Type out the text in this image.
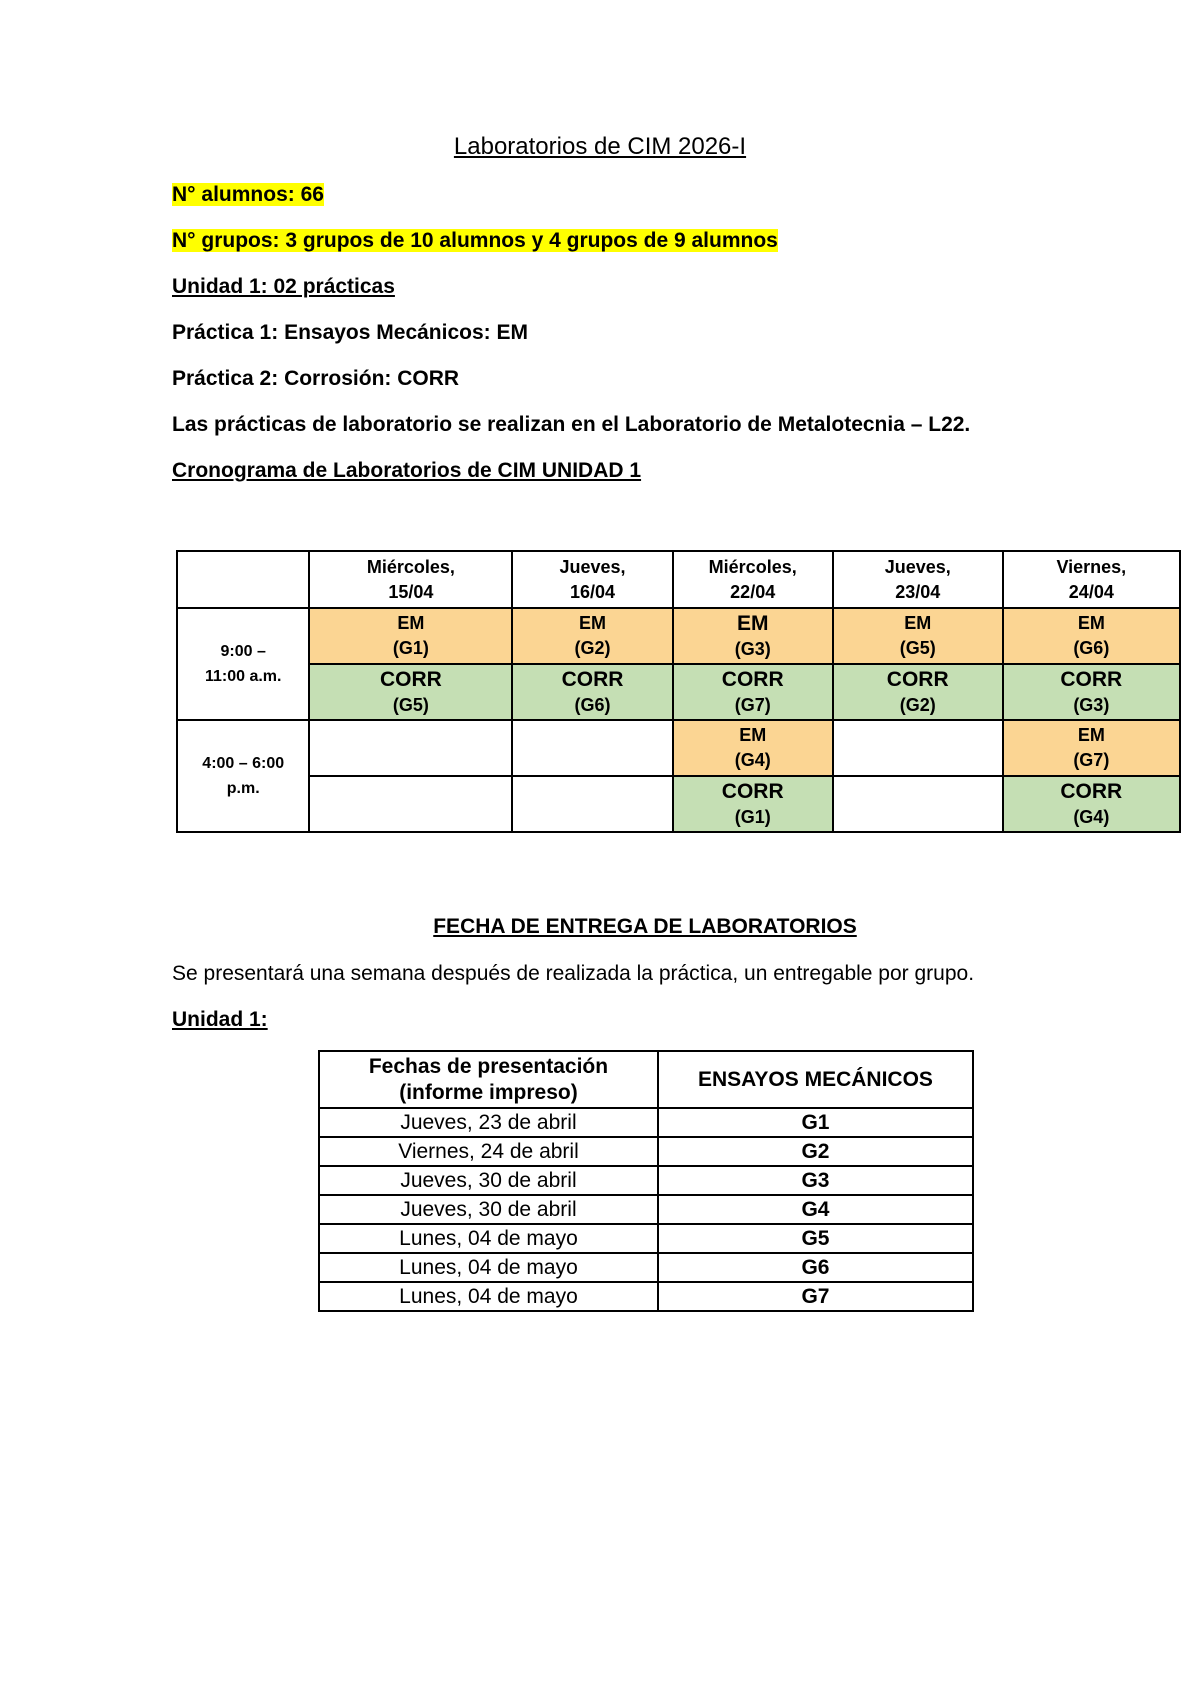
Laboratorios de CIM 2026-I
N° alumnos: 66
N° grupos: 3 grupos de 10 alumnos y 4 grupos de 9 alumnos
Unidad 1: 02 prácticas
Práctica 1: Ensayos Mecánicos: EM
Práctica 2: Corrosión: CORR
Las prácticas de laboratorio se realizan en el Laboratorio de Metalotecnia – L22.
Cronograma de Laboratorios de CIM UNIDAD 1
	Miércoles,
15/04	Jueves,
16/04	Miércoles,
22/04	Jueves,
23/04	Viernes,
24/04
9:00 –
11:00 a.m.	EM
(G1)	EM
(G2)	EM
(G3)	EM
(G5)	EM
(G6)
	CORR
(G5)	CORR
(G6)	CORR
(G7)	CORR
(G2)	CORR
(G3)
4:00 – 6:00
p.m.			EM
(G4)		EM
(G7)
			CORR
(G1)		CORR
(G4)
FECHA DE ENTREGA DE LABORATORIOS
Se presentará una semana después de realizada la práctica, un entregable por grupo.
Unidad 1:
Fechas de presentación
(informe impreso)	ENSAYOS MECÁNICOS
Jueves, 23 de abril	G1
Viernes, 24 de abril	G2
Jueves, 30 de abril	G3
Jueves, 30 de abril	G4
Lunes, 04 de mayo	G5
Lunes, 04 de mayo	G6
Lunes, 04 de mayo	G7
